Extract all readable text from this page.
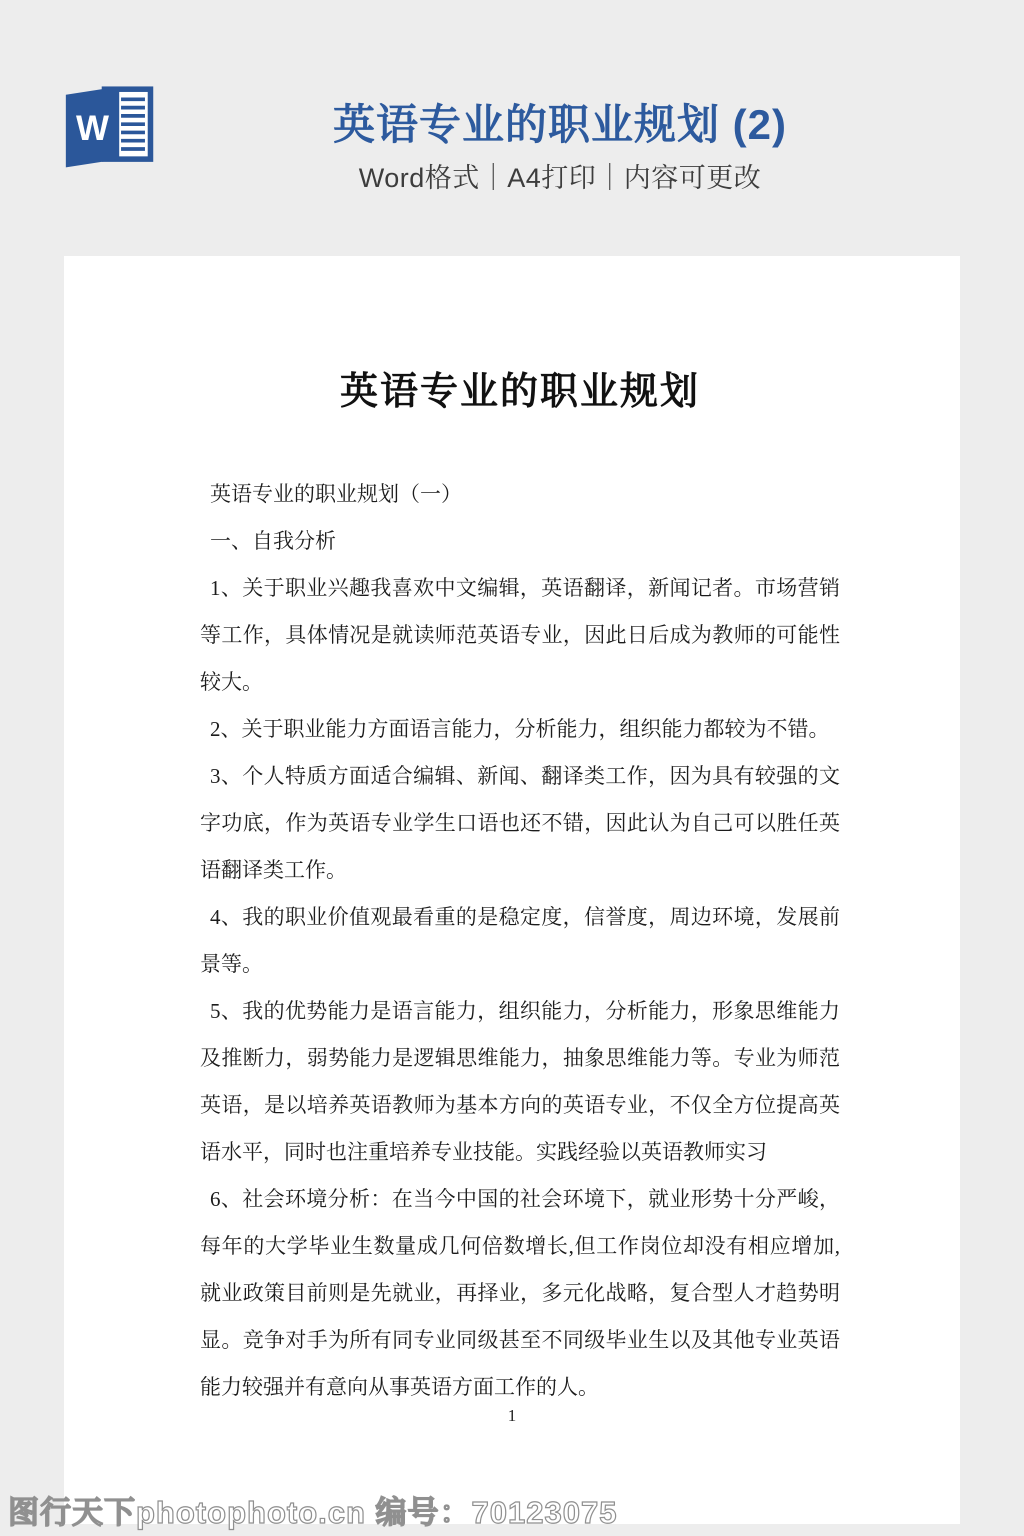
W	英语专业的职业规划 (2)
Word格式｜A4打印｜内容可更改
英语专业的职业规划

英语专业的职业规划（一）

一、自我分析

1、关于职业兴趣我喜欢中文编辑，英语翻译，新闻记者。市场营销等工作，具体情况是就读师范英语专业，因此日后成为教师的可能性较大。

2、关于职业能力方面语言能力，分析能力，组织能力都较为不错。

3、个人特质方面适合编辑、新闻、翻译类工作，因为具有较强的文字功底，作为英语专业学生口语也还不错，因此认为自己可以胜任英语翻译类工作。

4、我的职业价值观最看重的是稳定度，信誉度，周边环境，发展前景等。

5、我的优势能力是语言能力，组织能力，分析能力，形象思维能力及推断力，弱势能力是逻辑思维能力，抽象思维能力等。专业为师范英语，是以培养英语教师为基本方向的英语专业，不仅全方位提高英语水平，同时也注重培养专业技能。实践经验以英语教师实习

6、社会环境分析：在当今中国的社会环境下，就业形势十分严峻，每年的大学毕业生数量成几何倍数增长,但工作岗位却没有相应增加,就业政策目前则是先就业，再择业，多元化战略，复合型人才趋势明显。竞争对手为所有同专业同级甚至不同级毕业生以及其他专业英语能力较强并有意向从事英语方面工作的人。

1
图行天下photophoto.cn 编号：70123075
